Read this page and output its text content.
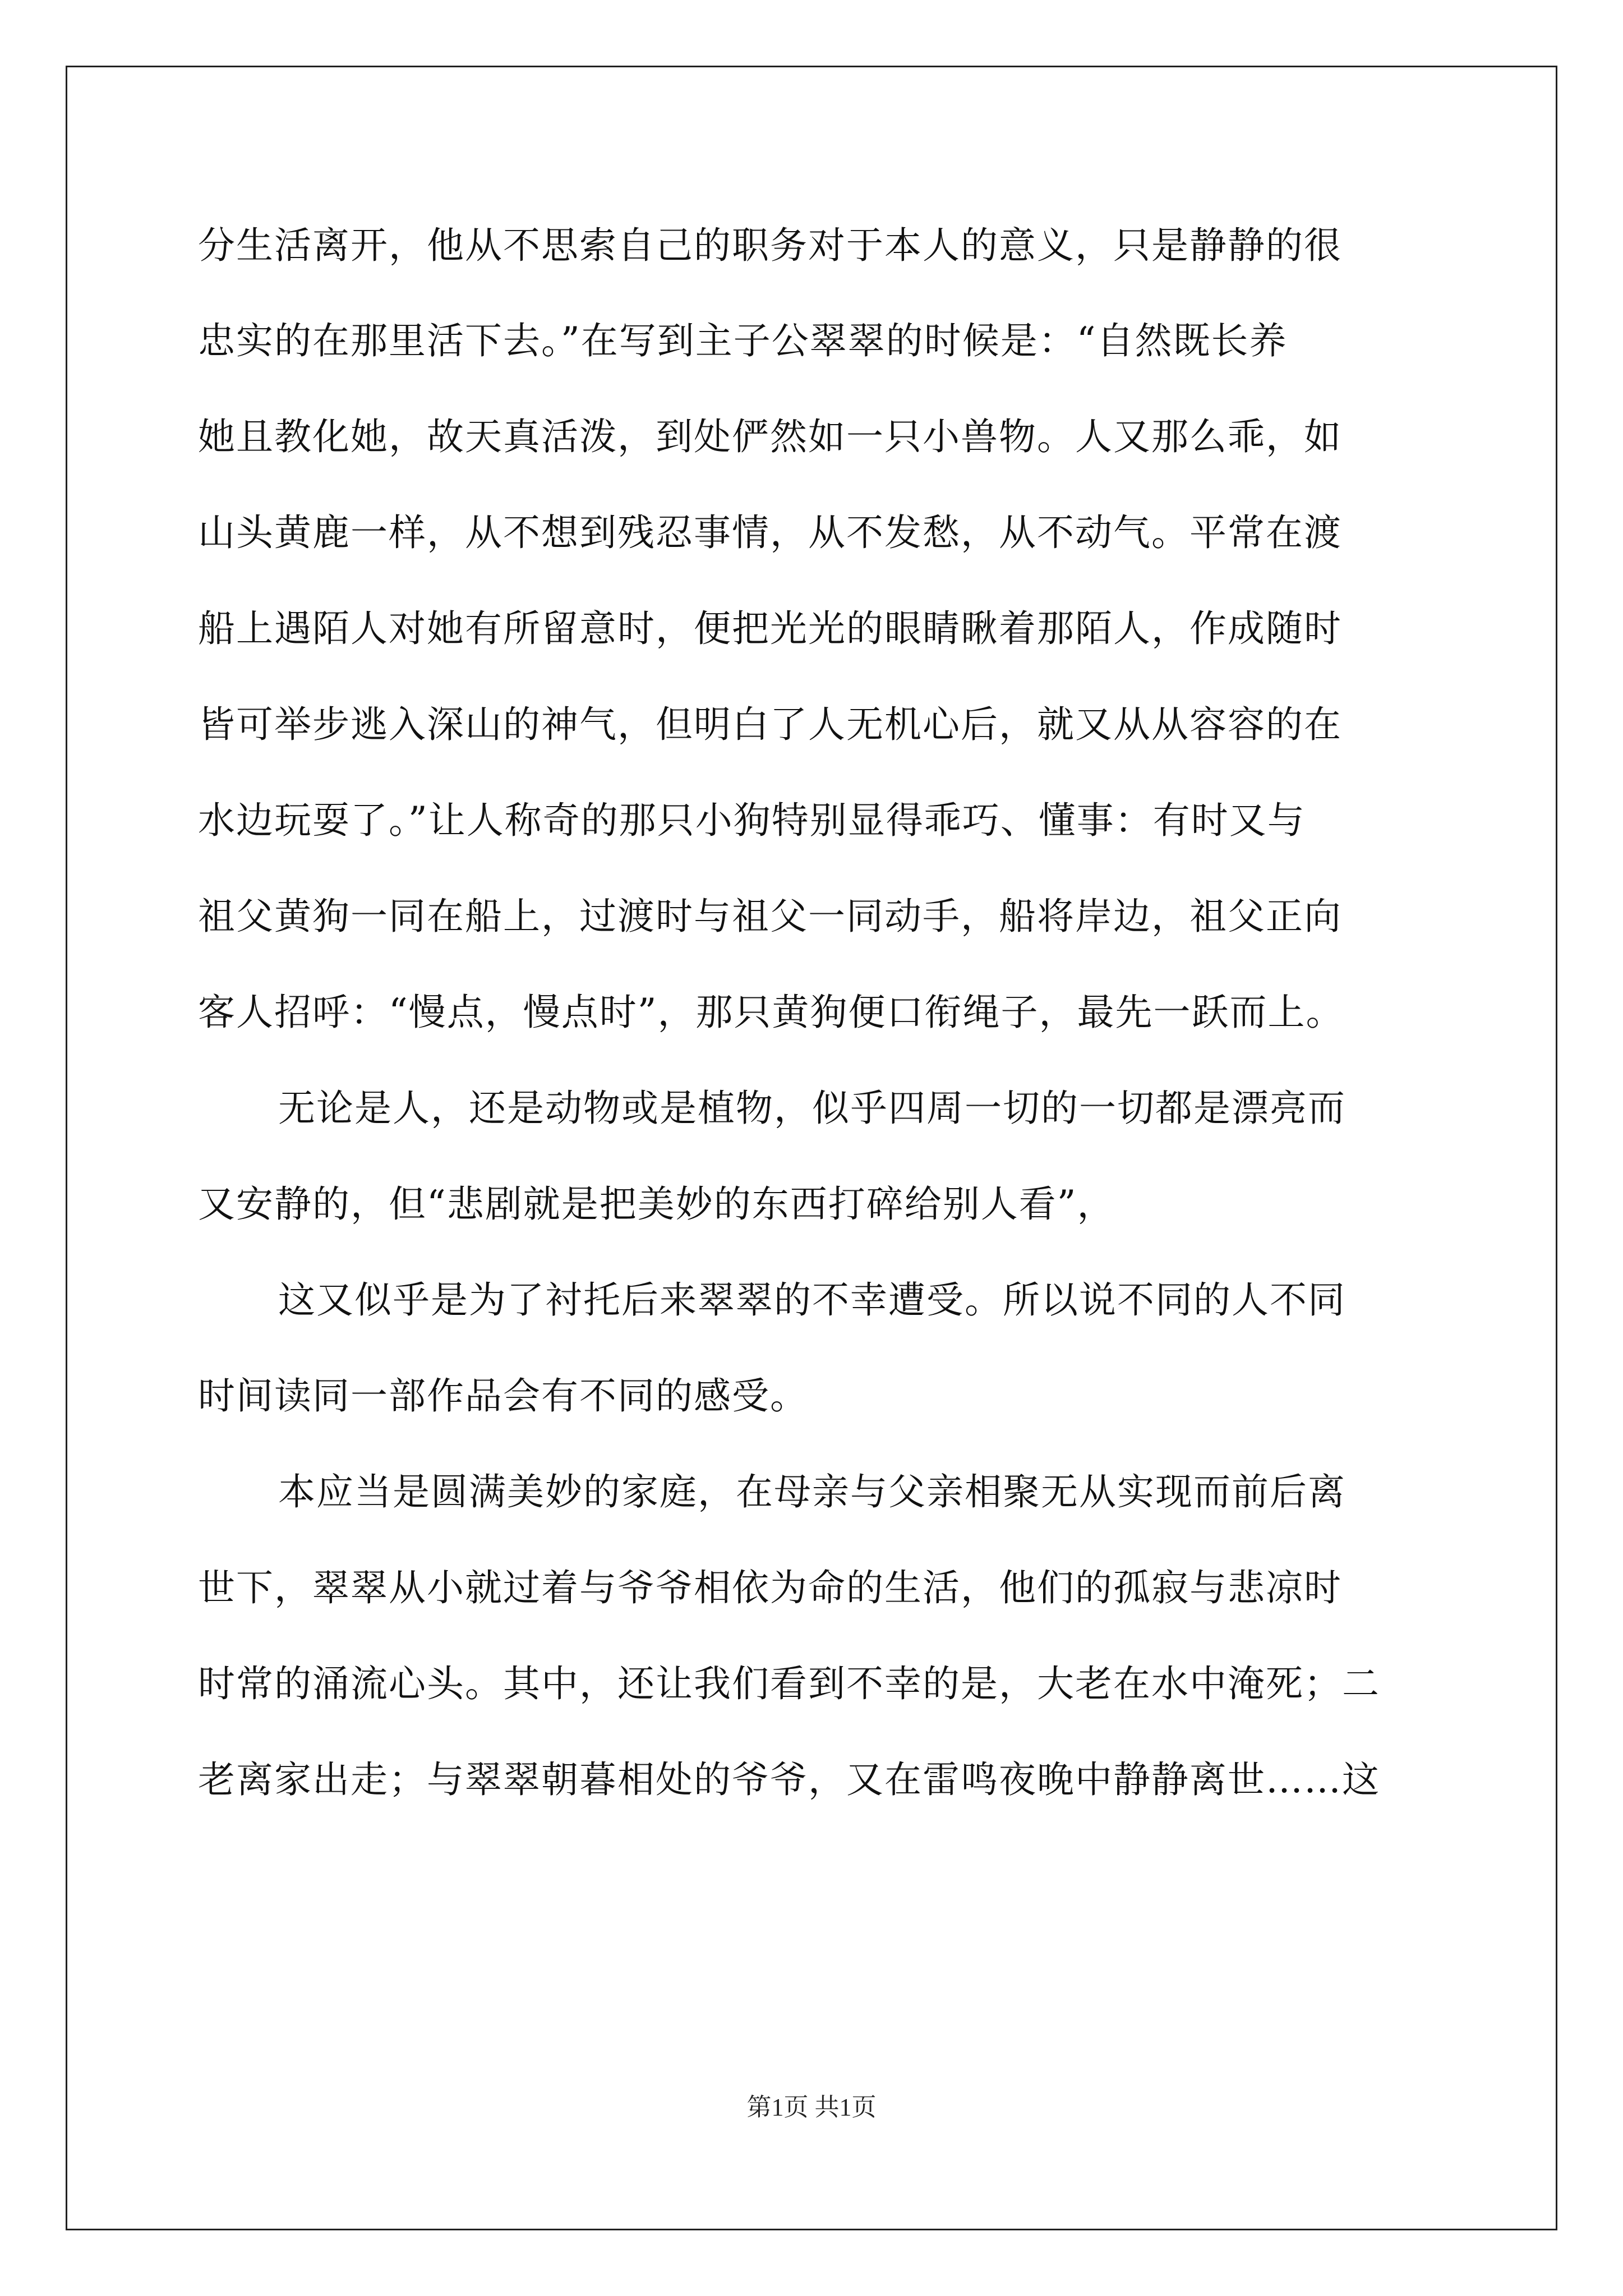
分生活离开，他从不思索自己的职务对于本人的意义，只是静静的很
忠实的在那里活下去。”在写到主子公翠翠的时候是：“自然既长养
她且教化她，故天真活泼，到处俨然如一只小兽物。人又那么乖，如
山头黄鹿一样，从不想到残忍事情，从不发愁，从不动气。平常在渡
船上遇陌人对她有所留意时，便把光光的眼睛瞅着那陌人，作成随时
皆可举步逃入深山的神气，但明白了人无机心后，就又从从容容的在
水边玩耍了。”让人称奇的那只小狗特别显得乖巧、懂事：有时又与
祖父黄狗一同在船上，过渡时与祖父一同动手，船将岸边，祖父正向
客人招呼：“慢点，慢点时”，那只黄狗便口衔绳子，最先一跃而上。
无论是人，还是动物或是植物，似乎四周一切的一切都是漂亮而
又安静的，但“悲剧就是把美妙的东西打碎给别人看”，
这又似乎是为了衬托后来翠翠的不幸遭受。所以说不同的人不同
时间读同一部作品会有不同的感受。
本应当是圆满美妙的家庭，在母亲与父亲相聚无从实现而前后离
世下，翠翠从小就过着与爷爷相依为命的生活，他们的孤寂与悲凉时
时常的涌流心头。其中，还让我们看到不幸的是，大老在水中淹死；二
老离家出走；与翠翠朝暮相处的爷爷，又在雷鸣夜晚中静静离世……这
第1页 共1页
